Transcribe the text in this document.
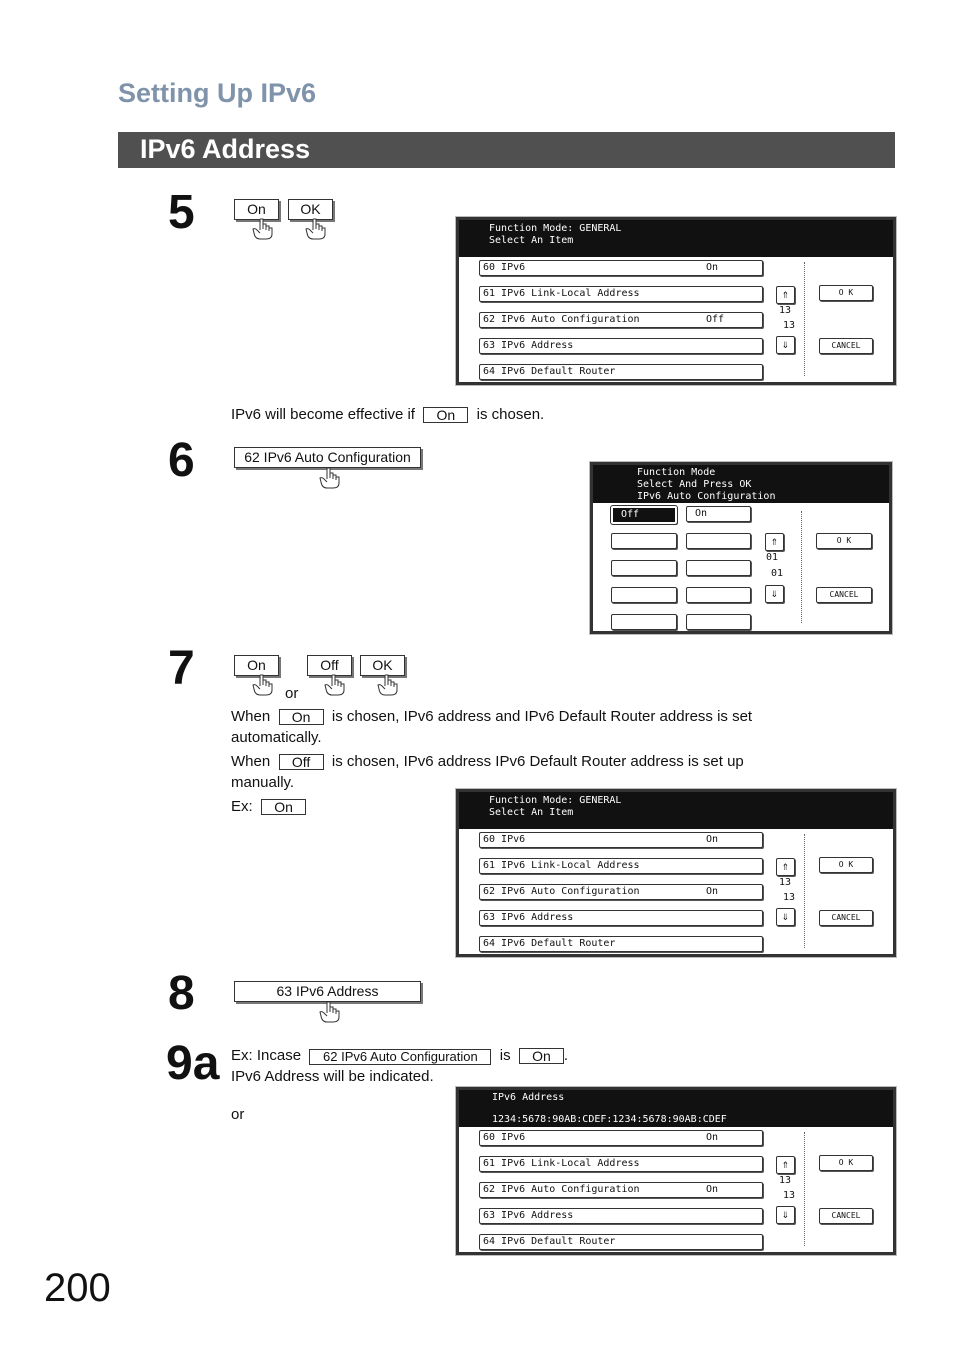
Setting Up IPv6
IPv6 Address
5	On	OK

Function Mode: GENERAL

Select An Item

60 IPv6	On
61 IPv6 Link-Local Address
62 IPv6 Auto Configuration	Off
63 IPv6 Address
64 IPv6 Default Router
⇑
13
13
⇓
O K
CANCEL
IPv6 will become effective if On is chosen.
6	62 IPv6 Auto Configuration

Function Mode

Select And Press OK

IPv6 Auto Configuration

Off	On
⇑
01
01
⇓
O K
CANCEL
7	On
or
Off	OK
When On is chosen, IPv6 address and IPv6 Default Router address is set
automatically.
When Off is chosen, IPv6 address IPv6 Default Router address is set up
manually.
Ex: On

	Function Mode: GENERAL

Select An Item

60 IPv6	On
61 IPv6 Link-Local Address
62 IPv6 Auto Configuration	On
63 IPv6 Address
64 IPv6 Default Router
⇑
13
13
⇓
O K
CANCEL
8	63 IPv6 Address
9a Ex: Incase 62 IPv6 Auto Configuration is On .
IPv6 Address will be indicated.
or

IPv6 Address

1234:5678:90AB:CDEF:1234:5678:90AB:CDEF

60 IPv6	On
61 IPv6 Link-Local Address
62 IPv6 Auto Configuration	On
63 IPv6 Address
64 IPv6 Default Router
⇑
13
13
⇓
O K
CANCEL
200
